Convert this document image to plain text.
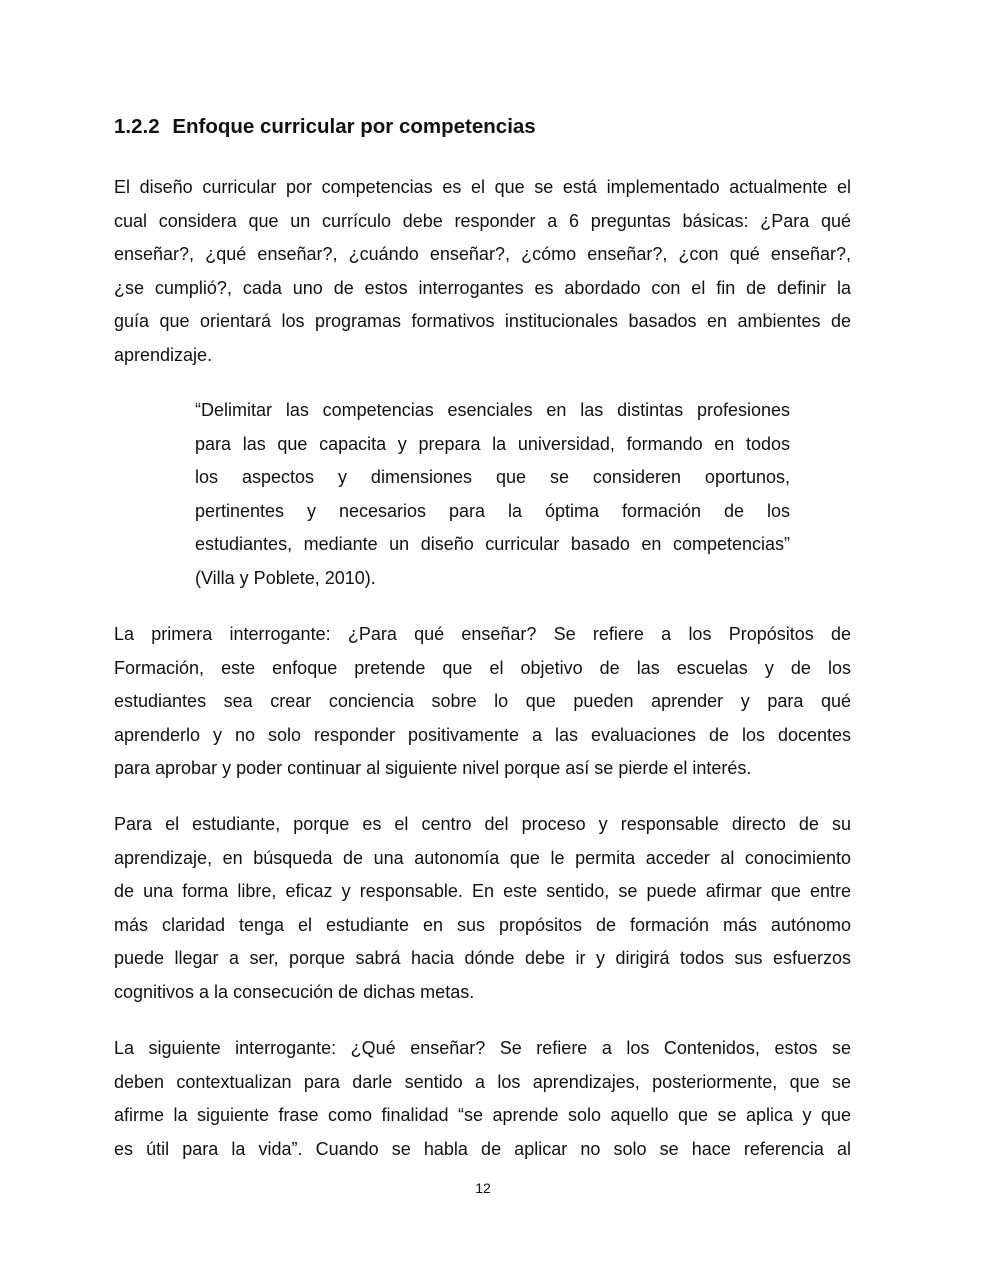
1.2.2 Enfoque curricular por competencias
El diseño curricular por competencias es el que se está implementado actualmente el
cual considera que un currículo debe responder a 6 preguntas básicas: ¿Para qué
enseñar?, ¿qué enseñar?, ¿cuándo enseñar?, ¿cómo enseñar?, ¿con qué enseñar?,
¿se cumplió?, cada uno de estos interrogantes es abordado con el fin de definir la
guía que orientará los programas formativos institucionales basados en ambientes de
aprendizaje.
“Delimitar las competencias esenciales en las distintas profesiones
para las que capacita y prepara la universidad, formando en todos
los aspectos y dimensiones que se consideren oportunos,
pertinentes y necesarios para la óptima formación de los
estudiantes, mediante un diseño curricular basado en competencias”
(Villa y Poblete, 2010).
La primera interrogante: ¿Para qué enseñar? Se refiere a los Propósitos de
Formación, este enfoque pretende que el objetivo de las escuelas y de los
estudiantes sea crear conciencia sobre lo que pueden aprender y para qué
aprenderlo y no solo responder positivamente a las evaluaciones de los docentes
para aprobar y poder continuar al siguiente nivel porque así se pierde el interés.
Para el estudiante, porque es el centro del proceso y responsable directo de su
aprendizaje, en búsqueda de una autonomía que le permita acceder al conocimiento
de una forma libre, eficaz y responsable. En este sentido, se puede afirmar que entre
más claridad tenga el estudiante en sus propósitos de formación más autónomo
puede llegar a ser, porque sabrá hacia dónde debe ir y dirigirá todos sus esfuerzos
cognitivos a la consecución de dichas metas.
La siguiente interrogante: ¿Qué enseñar? Se refiere a los Contenidos, estos se
deben contextualizan para darle sentido a los aprendizajes, posteriormente, que se
afirme la siguiente frase como finalidad “se aprende solo aquello que se aplica y que
es útil para la vida”. Cuando se habla de aplicar no solo se hace referencia al
12
